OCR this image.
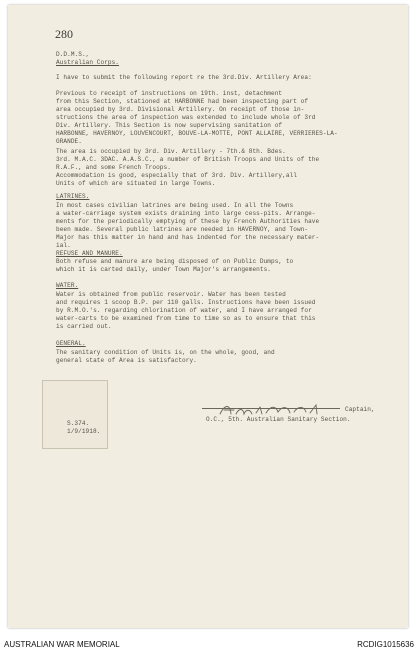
280
D.D.M.S.,
Australian Corps.
I have to submit the following report re the 3rd.Div. Artillery Area:
Previous to receipt of instructions on 19th. inst, detachment
from this Section, stationed at HARBONNE had been inspecting part of
area occupied by 3rd. Divisional Artillery. On receipt of those in-
structions the area of inspection was extended to include whole of 3rd
Div. Artillery. This Section is now supervising sanitation of
HARBONNE, HAVERNOY, LOUVENCOURT, BOUVE-LA-MOTTE, PONT ALLAIRE, VERRIERES-LA-
GRANDE.
The area is occupied by 3rd. Div. Artillery - 7th.& 8th. Bdes.
3rd. M.A.C. 3DAC. A.A.S.C., a number of British Troops and Units of the
R.A.F., and some French Troops.
Accommodation is good, especially that of 3rd. Div. Artillery,all
Units of which are situated in large Towns.
LATRINES.
In most cases civilian latrines are being used. In all the Towns
a water-carriage system exists draining into large cess-pits. Arrange-
ments for the periodically emptying of these by French Authorities have
been made. Several public latrines are needed in HAVERNOY, and Town-
Major has this matter in hand and has indented for the necessary mater-
ial.
REFUSE AND MANURE.
Both refuse and manure are being disposed of on Public Dumps, to
which it is carted daily, under Town Major's arrangements.
WATER.
Water is obtained from public reservoir. Water has been tested
and requires 1 scoop B.P. per 110 galls. Instructions have been issued
by R.M.O.'s. regarding chlorination of water, and I have arranged for
water-carts to be examined from time to time so as to ensure that this
is carried out.
GENERAL.
The sanitary condition of Units is, on the whole, good, and
general state of Area is satisfactory.
Captain,
O.C., 5th. Australian Sanitary Section.
S.374.
1/9/1918.
AUSTRALIAN WAR MEMORIAL	RCDIG1015636
